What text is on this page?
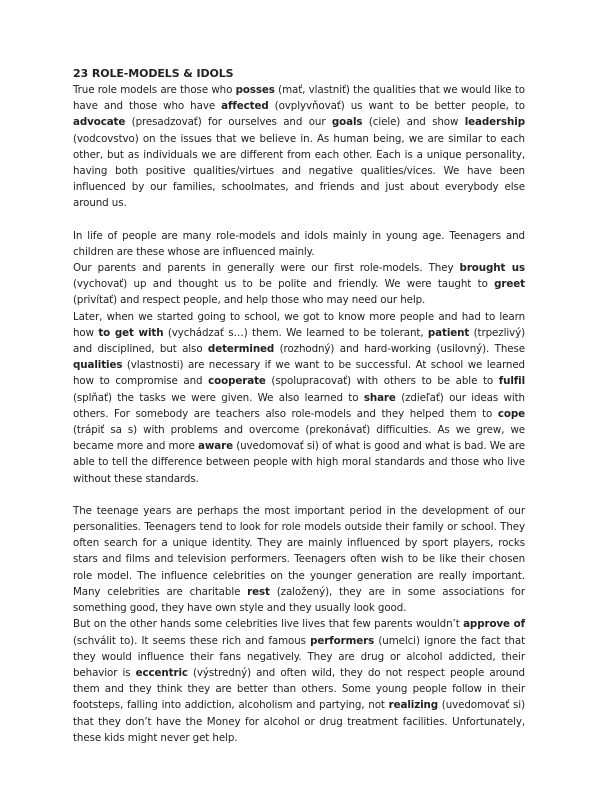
23 ROLE-MODELS & IDOLS

True role models are those who posses (mať, vlastniť) the qualities that we would like to have and those who have affected (ovplyvňovať) us want to be better people, to advocate (presadzovať) for ourselves and our goals (ciele) and show leadership (vodcovstvo) on the issues that we believe in. As human being, we are similar to each other, but as individuals we are different from each other. Each is a unique personality, having both positive qualities/virtues and negative qualities/vices. We have been influenced by our families, schoolmates, and friends and just about everybody else around us.

In life of people are many role-models and idols mainly in young age. Teenagers and children are these whose are influenced mainly.

Our parents and parents in generally were our first role-models. They brought us (vychovať) up and thought us to be polite and friendly. We were taught to greet (privítať) and respect people, and help those who may need our help.

Later, when we started going to school, we got to know more people and had to learn how to get with (vychádzať s…) them. We learned to be tolerant, patient (trpezlivý) and disciplined, but also determined (rozhodný) and hard-working (usilovný). These qualities (vlastnosti) are necessary if we want to be successful. At school we learned how to compromise and cooperate (spolupracovať) with others to be able to fulfil (splňať) the tasks we were given. We also learned to share (zdieľať) our ideas with others. For somebody are teachers also role-models and they helped them to cope (trápiť sa s) with problems and overcome (prekonávať) difficulties. As we grew, we became more and more aware (uvedomovať si) of what is good and what is bad. We are able to tell the difference between people with high moral standards and those who live without these standards.

The teenage years are perhaps the most important period in the development of our personalities. Teenagers tend to look for role models outside their family or school. They often search for a unique identity. They are mainly influenced by sport players, rocks stars and films and television performers. Teenagers often wish to be like their chosen role model. The influence celebrities on the younger generation are really important. Many celebrities are charitable rest (založený), they are in some associations for something good, they have own style and they usually look good.

But on the other hands some celebrities live lives that few parents wouldn’t approve of (schválit to). It seems these rich and famous performers (umelci) ignore the fact that they would influence their fans negatively. They are drug or alcohol addicted, their behavior is eccentric (výstredný) and often wild, they do not respect people around them and they think they are better than others. Some young people follow in their footsteps, falling into addiction, alcoholism and partying, not realizing (uvedomovať si) that they don’t have the Money for alcohol or drug treatment facilities. Unfortunately, these kids might never get help.
